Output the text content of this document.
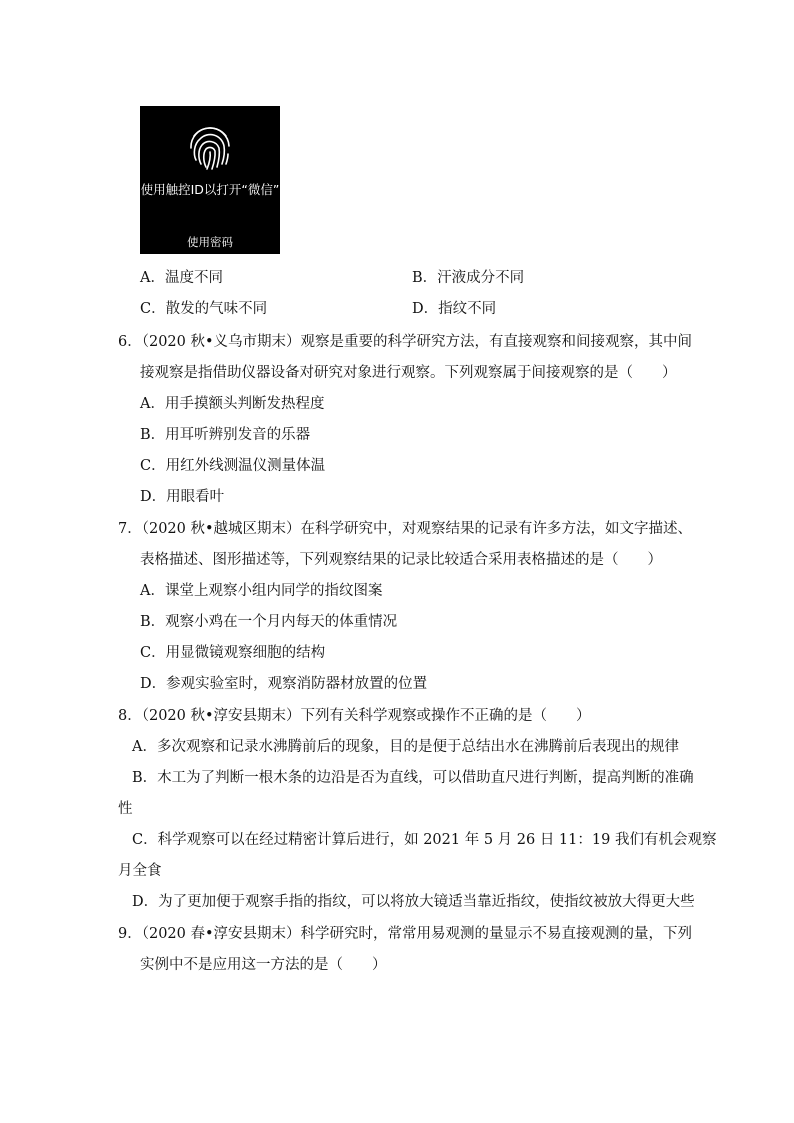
使用触控ID以打开“微信”
使用密码
A．温度不同	B．汗液成分不同
C．散发的气味不同	D．指纹不同
6．（2020 秋•义乌市期末）观察是重要的科学研究方法，有直接观察和间接观察，其中间
接观察是指借助仪器设备对研究对象进行观察。下列观察属于间接观察的是（　　）
A．用手摸额头判断发热程度
B．用耳听辨别发音的乐器
C．用红外线测温仪测量体温
D．用眼看叶
7．（2020 秋•越城区期末）在科学研究中，对观察结果的记录有许多方法，如文字描述、
表格描述、图形描述等，下列观察结果的记录比较适合采用表格描述的是（　　）
A．课堂上观察小组内同学的指纹图案
B．观察小鸡在一个月内每天的体重情况
C．用显微镜观察细胞的结构
D．参观实验室时，观察消防器材放置的位置
8．（2020 秋•淳安县期末）下列有关科学观察或操作不正确的是（　　）
A．多次观察和记录水沸腾前后的现象，目的是便于总结出水在沸腾前后表现出的规律
B．木工为了判断一根木条的边沿是否为直线，可以借助直尺进行判断，提高判断的准确
性
C．科学观察可以在经过精密计算后进行，如 2021 年 5 月 26 日 11：19 我们有机会观察
月全食
D．为了更加便于观察手指的指纹，可以将放大镜适当靠近指纹，使指纹被放大得更大些
9．（2020 春•淳安县期末）科学研究时，常常用易观测的量显示不易直接观测的量，下列
实例中不是应用这一方法的是（　　）
